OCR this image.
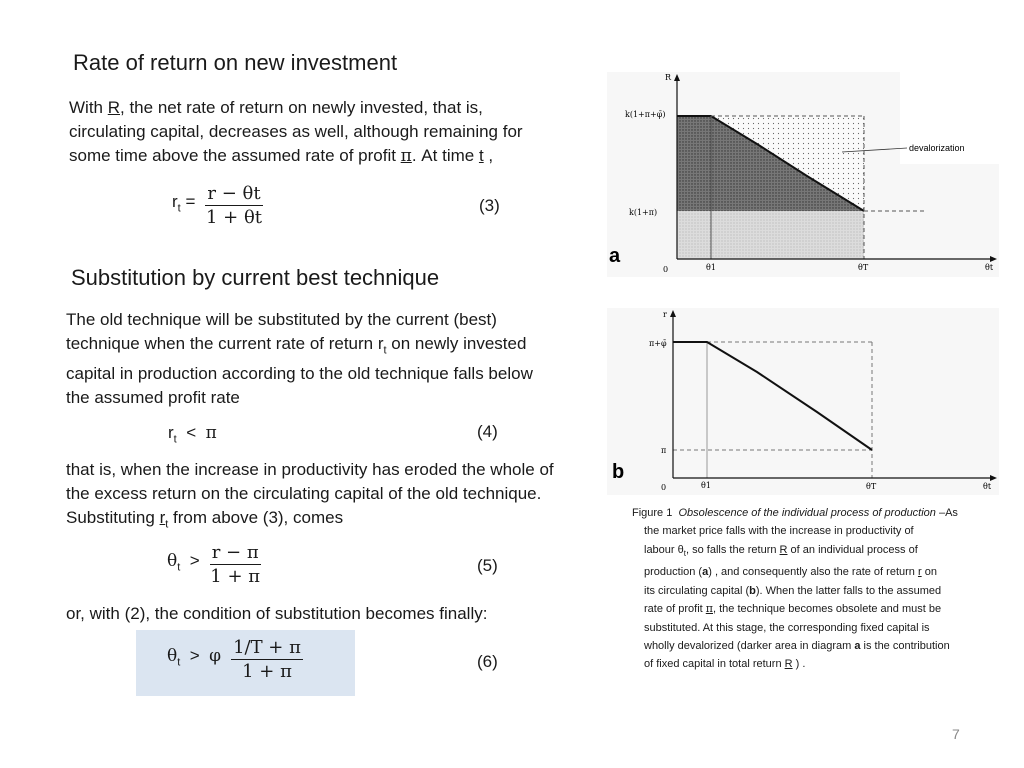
Rate of return on new investment
With R, the net rate of return on newly invested, that is, circulating capital, decreases as well, although remaining for some time above the assumed rate of profit π. At time t ,
$r_t = \frac{r - \theta t}{1 + \theta t}$	(3)
Substitution by current best technique
The old technique will be substituted by the current (best) technique when the current rate of return $r_t$ on newly invested capital in production according to the old technique falls below the assumed profit rate
$r_t < \pi$	(4)
that is, when the increase in productivity has eroded the whole of the excess return on the circulating capital of the old technique. Substituting $r_t$ from above (3), comes
$\theta_t > \frac{r - \pi}{1 + \pi}$	(5)
or, with (2), the condition of substitution becomes finally:
$\theta_t > \varphi \frac{1/T + \pi}{1 + \pi}$	(6)
devalorization
R
k(1+π+φ̄)
k(1+π)
0	θ1	θT	θt
a
r
π+φ̄
π
0	θ1	θT	θt
b
Figure 1 Obsolescence of the individual process of production –As
the market price falls with the increase in productivity of
labour $\theta_t$, so falls the return R of an individual process of
production (a) , and consequently also the rate of return r on
its circulating capital (b). When the latter falls to the assumed
rate of profit π, the technique becomes obsolete and must be
substituted. At this stage, the corresponding fixed capital is
wholly devalorized (darker area in diagram a is the contribution
of fixed capital in total return R ) .
7
